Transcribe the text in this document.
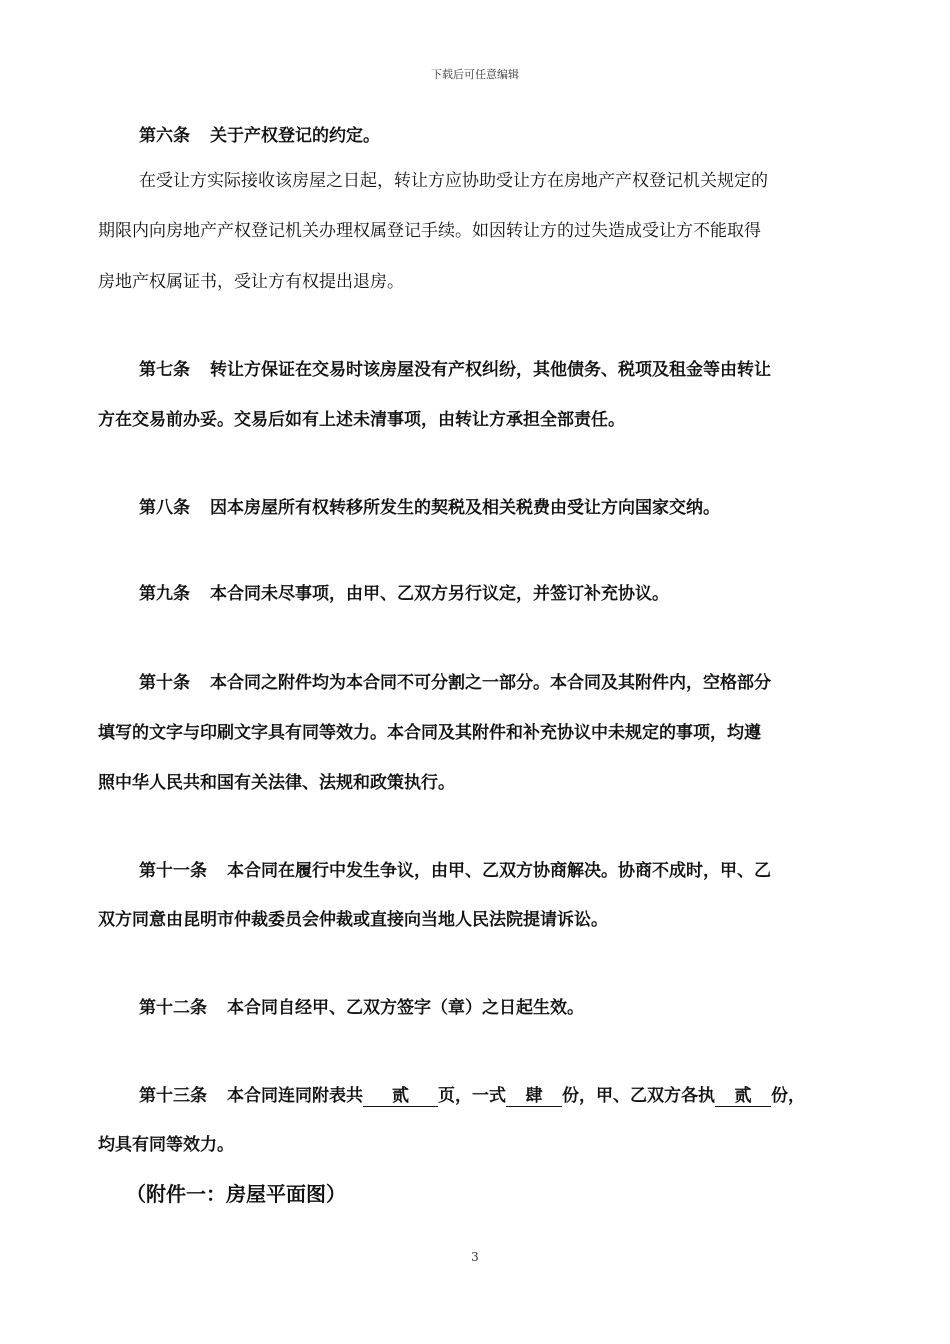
下载后可任意编辑
第六条 关于产权登记的约定。
在受让方实际接收该房屋之日起，转让方应协助受让方在房地产产权登记机关规定的
期限内向房地产产权登记机关办理权属登记手续。如因转让方的过失造成受让方不能取得
房地产权属证书，受让方有权提出退房。
第七条 转让方保证在交易时该房屋没有产权纠纷，其他债务、税项及租金等由转让
方在交易前办妥。交易后如有上述未清事项，由转让方承担全部责任。
第八条 因本房屋所有权转移所发生的契税及相关税费由受让方向国家交纳。
第九条 本合同未尽事项，由甲、乙双方另行议定，并签订补充协议。
第十条 本合同之附件均为本合同不可分割之一部分。本合同及其附件内，空格部分
填写的文字与印刷文字具有同等效力。本合同及其附件和补充协议中未规定的事项，均遵
照中华人民共和国有关法律、法规和政策执行。
第十一条 本合同在履行中发生争议，由甲、乙双方协商解决。协商不成时，甲、乙
双方同意由昆明市仲裁委员会仲裁或直接向当地人民法院提请诉讼。
第十二条 本合同自经甲、乙双方签字（章）之日起生效。
第十三条 本合同连同附表共 贰 页，一式 肆 份，甲、乙双方各执 贰 份，
均具有同等效力。
（附件一：房屋平面图）
3
